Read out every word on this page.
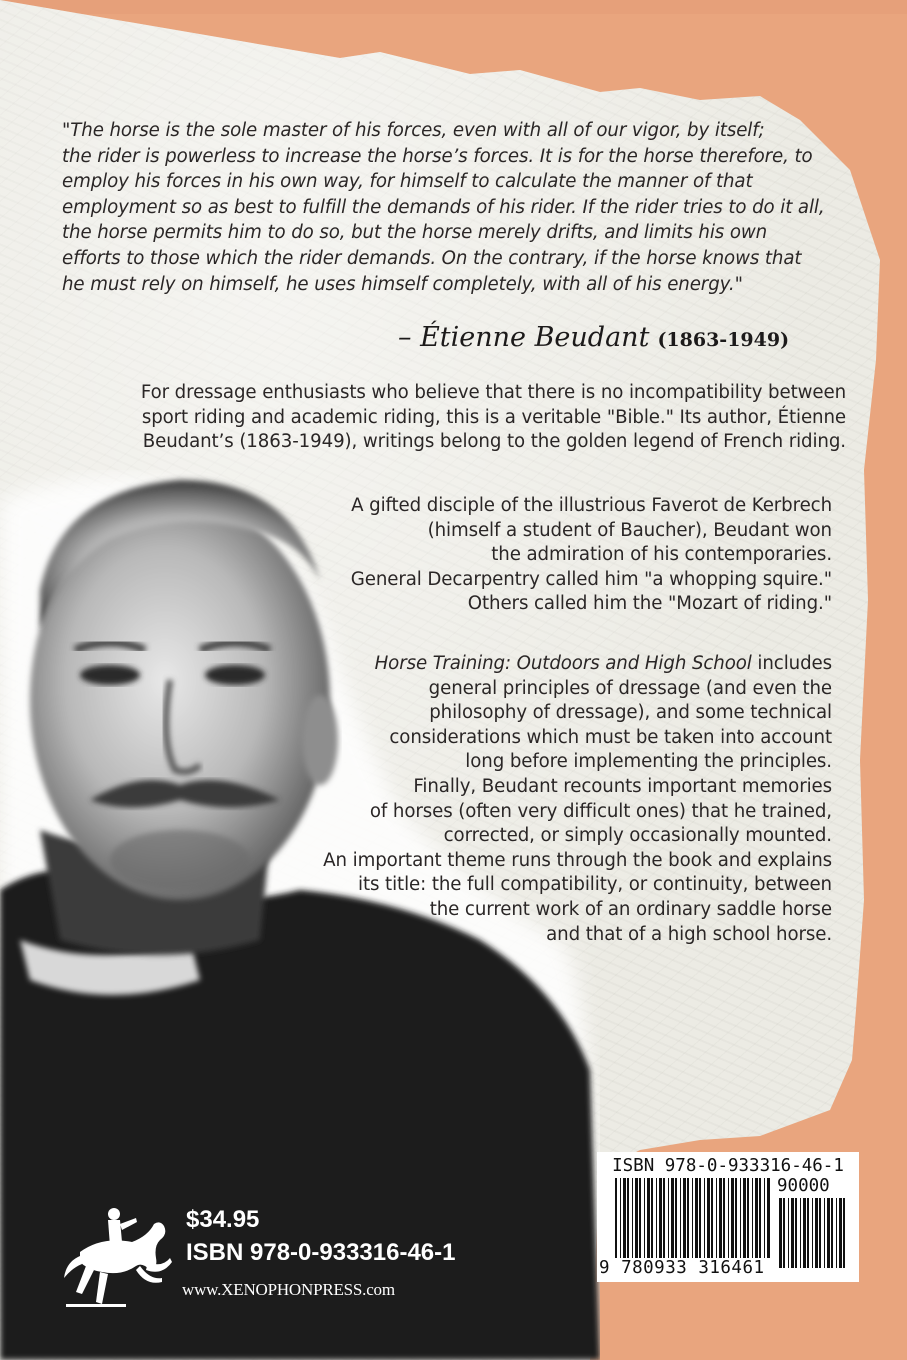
"The horse is the sole master of his forces, even with all of our vigor, by itself;
the rider is powerless to increase the horse’s forces. It is for the horse therefore, to
employ his forces in his own way, for himself to calculate the manner of that
employment so as best to fulfill the demands of his rider. If the rider tries to do it all,
the horse permits him to do so, but the horse merely drifts, and limits his own
efforts to those which the rider demands. On the contrary, if the horse knows that
he must rely on himself, he uses himself completely, with all of his energy."

– Étienne Beudant (1863-1949)

For dressage enthusiasts who believe that there is no incompatibility between
sport riding and academic riding, this is a veritable "Bible." Its author, Étienne
Beudant’s (1863-1949), writings belong to the golden legend of French riding.

A gifted disciple of the illustrious Faverot de Kerbrech
(himself a student of Baucher), Beudant won
the admiration of his contemporaries.
General Decarpentry called him "a whopping squire."
Others called him the "Mozart of riding."

Horse Training: Outdoors and High School includes
general principles of dressage (and even the
philosophy of dressage), and some technical
considerations which must be taken into account
long before implementing the principles.
Finally, Beudant recounts important memories
of horses (often very difficult ones) that he trained,
corrected, or simply occasionally mounted.
An important theme runs through the book and explains
its title: the full compatibility, or continuity, between
the current work of an ordinary saddle horse
and that of a high school horse.

ISBN 978-0-933316-46-1
90000
9 780933 316461
$34.95
ISBN 978-0-933316-46-1
www.XENOPHONPRESS.com
